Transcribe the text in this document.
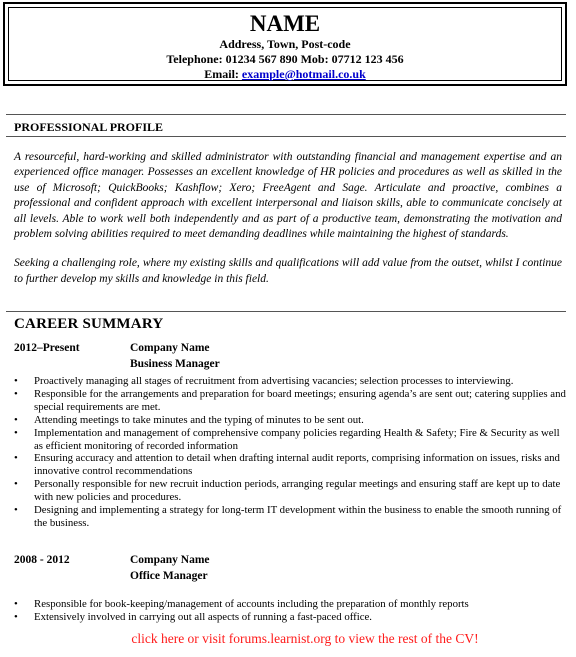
NAME
Address, Town, Post-code
Telephone: 01234 567 890 Mob: 07712 123 456
Email: example@hotmail.co.uk
PROFESSIONAL PROFILE

A resourceful, hard-working and skilled administrator with outstanding financial and management expertise and an experienced office manager. Possesses an excellent knowledge of HR policies and procedures as well as skilled in the use of Microsoft; QuickBooks; Kashflow; Xero; FreeAgent and Sage. Articulate and proactive, combines a professional and confident approach with excellent interpersonal and liaison skills, able to communicate concisely at all levels. Able to work well both independently and as part of a productive team, demonstrating the motivation and problem solving abilities required to meet demanding deadlines while maintaining the highest of standards.

Seeking a challenging role, where my existing skills and qualifications will add value from the outset, whilst I continue to further develop my skills and knowledge in this field.

CAREER SUMMARY
2012–Present	Company Name
Business Manager
• Proactively managing all stages of recruitment from advertising vacancies; selection processes to interviewing.
• Responsible for the arrangements and preparation for board meetings; ensuring agenda’s are sent out; catering supplies and special requirements are met.
• Attending meetings to take minutes and the typing of minutes to be sent out.
• Implementation and management of comprehensive company policies regarding Health & Safety; Fire & Security as well as efficient monitoring of recorded information
• Ensuring accuracy and attention to detail when drafting internal audit reports, comprising information on issues, risks and innovative control recommendations
• Personally responsible for new recruit induction periods, arranging regular meetings and ensuring staff are kept up to date with new policies and procedures.
• Designing and implementing a strategy for long-term IT development within the business to enable the smooth running of the business.
2008 - 2012	Company Name
Office Manager
• Responsible for book-keeping/management of accounts including the preparation of monthly reports
• Extensively involved in carrying out all aspects of running a fast-paced office.
click here or visit forums.learnist.org to view the rest of the CV!
